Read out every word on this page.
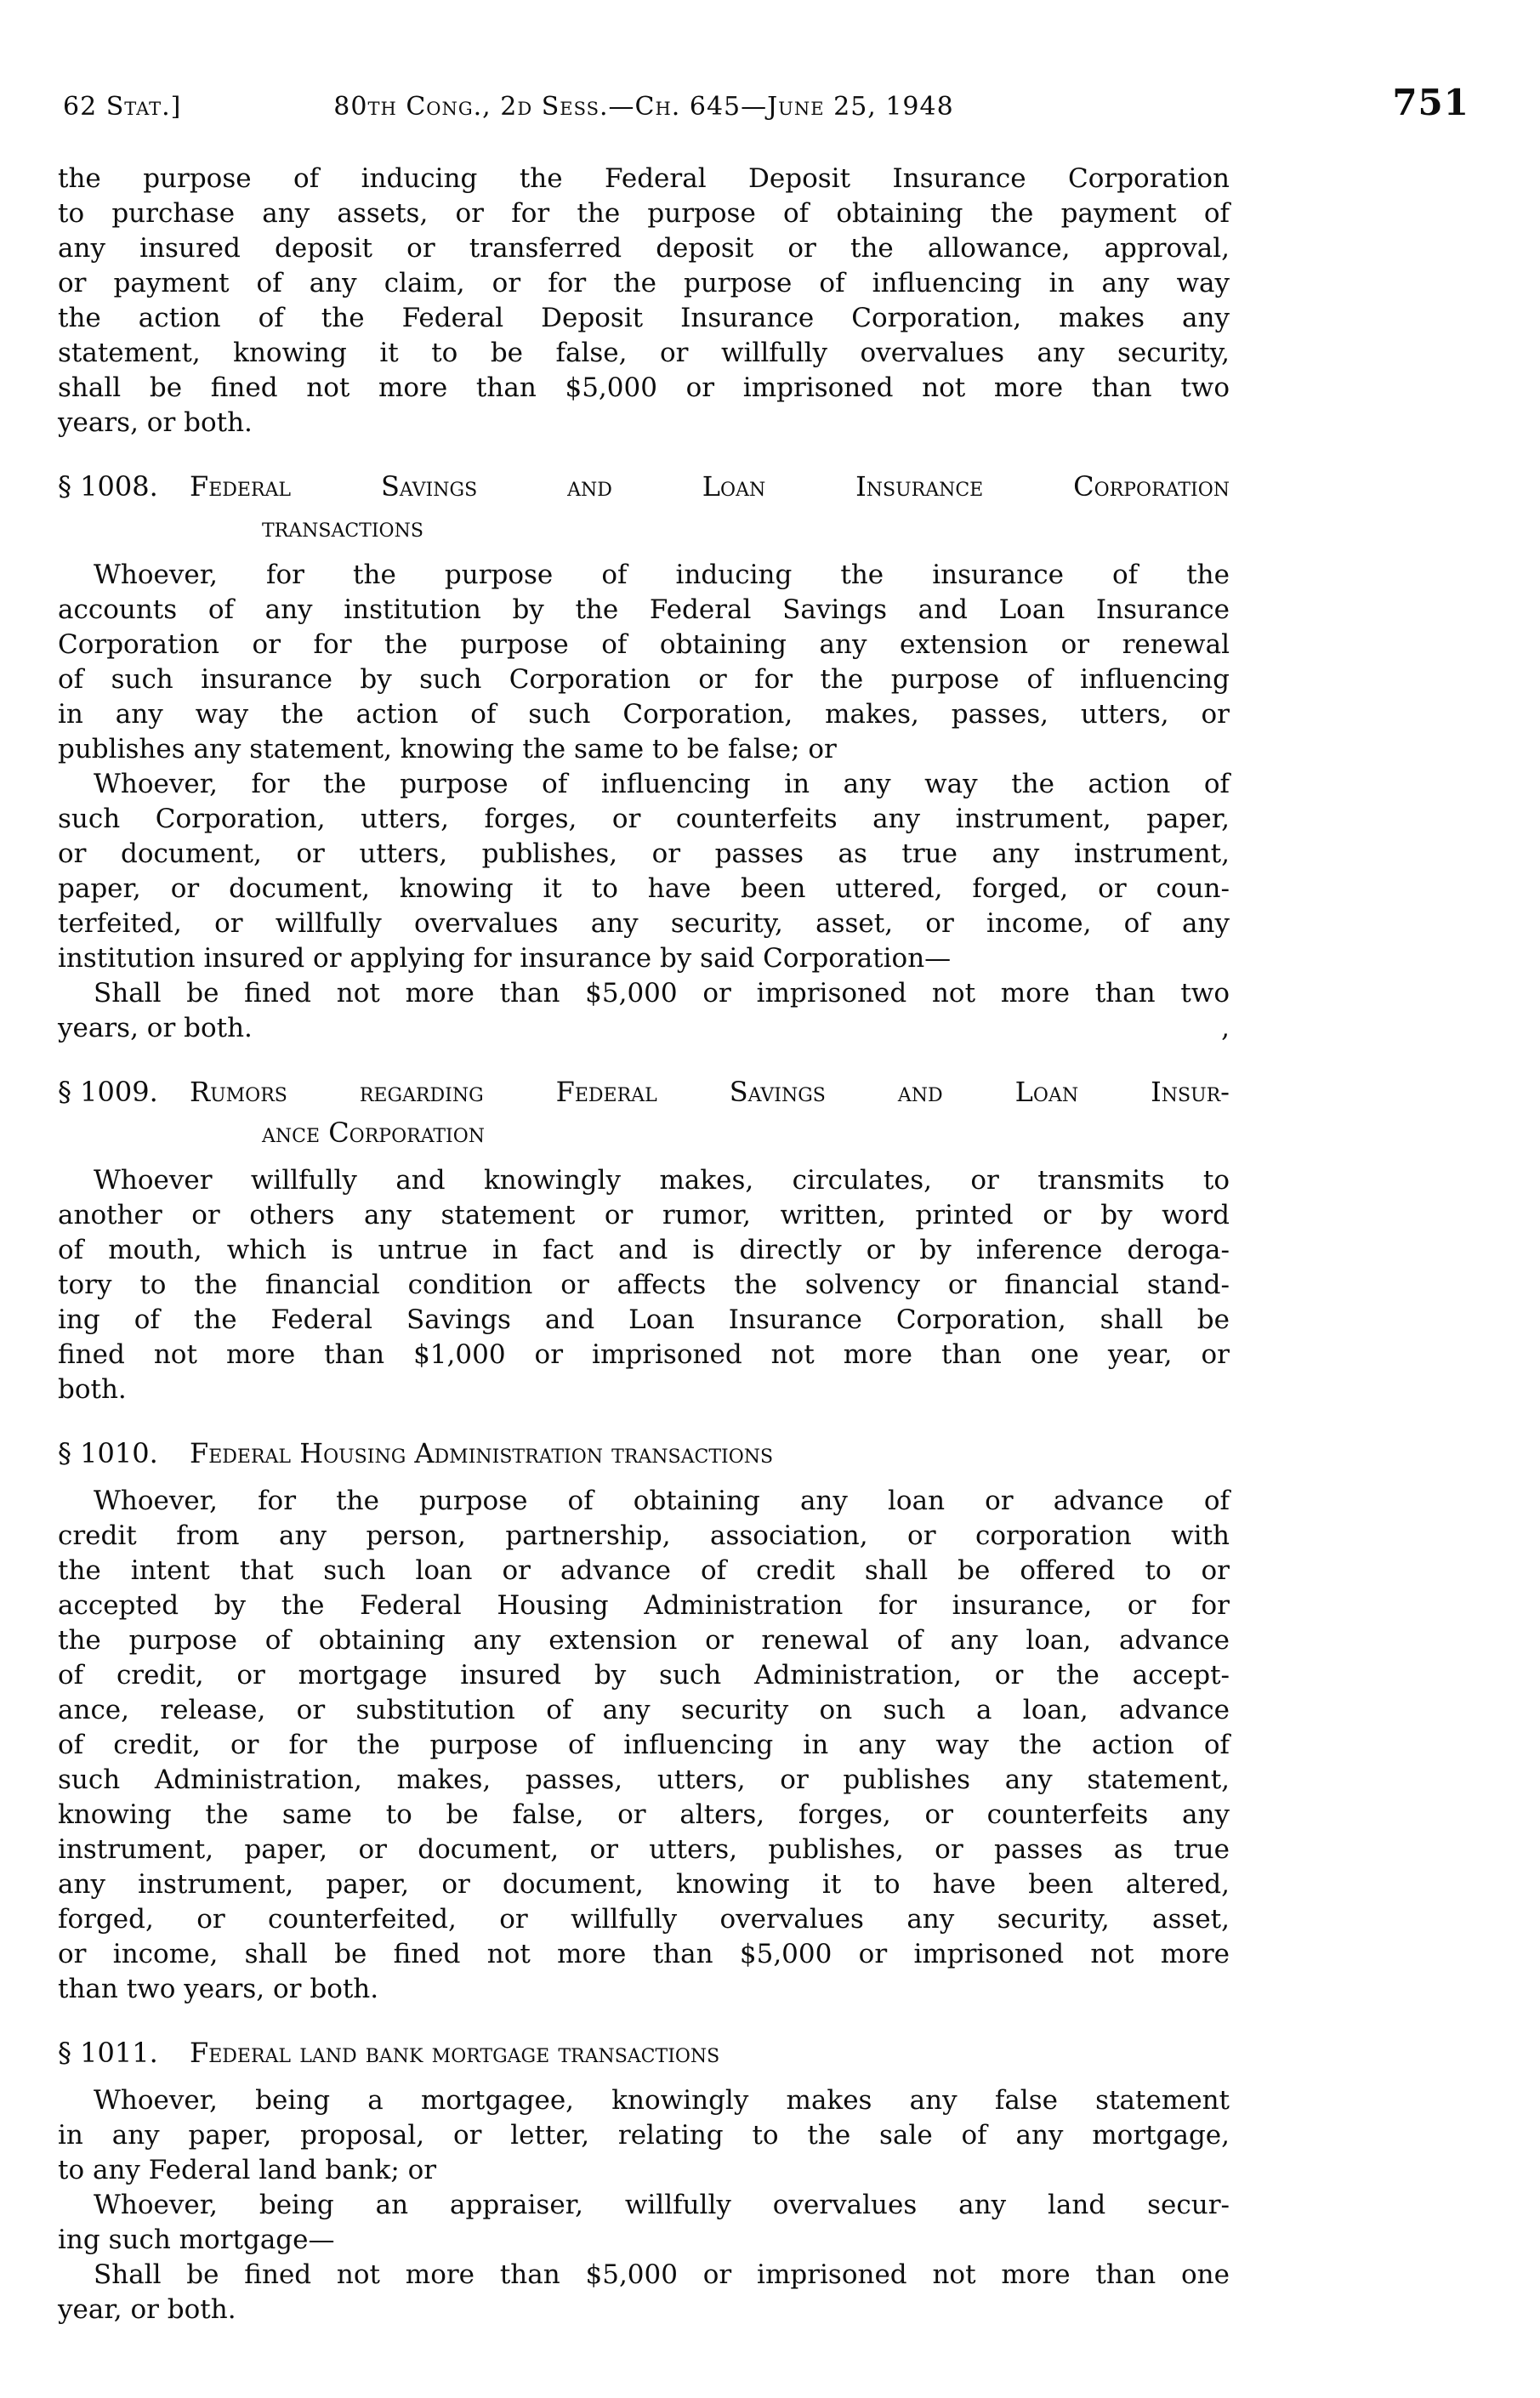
62 Stat.]	80th Cong., 2d Sess.—Ch. 645—June 25, 1948	751
the purpose of inducing the Federal Deposit Insurance Corporation
to purchase any assets, or for the purpose of obtaining the payment of
any insured deposit or transferred deposit or the allowance, approval,
or payment of any claim, or for the purpose of influencing in any way
the action of the Federal Deposit Insurance Corporation, makes any
statement, knowing it to be false, or willfully overvalues any security,
shall be fined not more than $5,000 or imprisoned not more than two
years, or both.
§ 1008.	Federal Savings and Loan Insurance Corporation
transactions
Whoever, for the purpose of inducing the insurance of the
accounts of any institution by the Federal Savings and Loan Insurance
Corporation or for the purpose of obtaining any extension or renewal
of such insurance by such Corporation or for the purpose of influencing
in any way the action of such Corporation, makes, passes, utters, or
publishes any statement, knowing the same to be false; or
Whoever, for the purpose of influencing in any way the action of
such Corporation, utters, forges, or counterfeits any instrument, paper,
or document, or utters, publishes, or passes as true any instrument,
paper, or document, knowing it to have been uttered, forged, or coun-
terfeited, or willfully overvalues any security, asset, or income, of any
institution insured or applying for insurance by said Corporation—
Shall be fined not more than $5,000 or imprisoned not more than two
years, or both.	,
§ 1009.	Rumors regarding Federal Savings and Loan Insur-
ance Corporation
Whoever willfully and knowingly makes, circulates, or transmits to
another or others any statement or rumor, written, printed or by word
of mouth, which is untrue in fact and is directly or by inference deroga-
tory to the financial condition or affects the solvency or financial stand-
ing of the Federal Savings and Loan Insurance Corporation, shall be
fined not more than $1,000 or imprisoned not more than one year, or
both.
§ 1010.	Federal Housing Administration transactions
Whoever, for the purpose of obtaining any loan or advance of
credit from any person, partnership, association, or corporation with
the intent that such loan or advance of credit shall be offered to or
accepted by the Federal Housing Administration for insurance, or for
the purpose of obtaining any extension or renewal of any loan, advance
of credit, or mortgage insured by such Administration, or the accept-
ance, release, or substitution of any security on such a loan, advance
of credit, or for the purpose of influencing in any way the action of
such Administration, makes, passes, utters, or publishes any statement,
knowing the same to be false, or alters, forges, or counterfeits any
instrument, paper, or document, or utters, publishes, or passes as true
any instrument, paper, or document, knowing it to have been altered,
forged, or counterfeited, or willfully overvalues any security, asset,
or income, shall be fined not more than $5,000 or imprisoned not more
than two years, or both.
§ 1011.	Federal land bank mortgage transactions
Whoever, being a mortgagee, knowingly makes any false statement
in any paper, proposal, or letter, relating to the sale of any mortgage,
to any Federal land bank; or
Whoever, being an appraiser, willfully overvalues any land secur-
ing such mortgage—
Shall be fined not more than $5,000 or imprisoned not more than one
year, or both.
